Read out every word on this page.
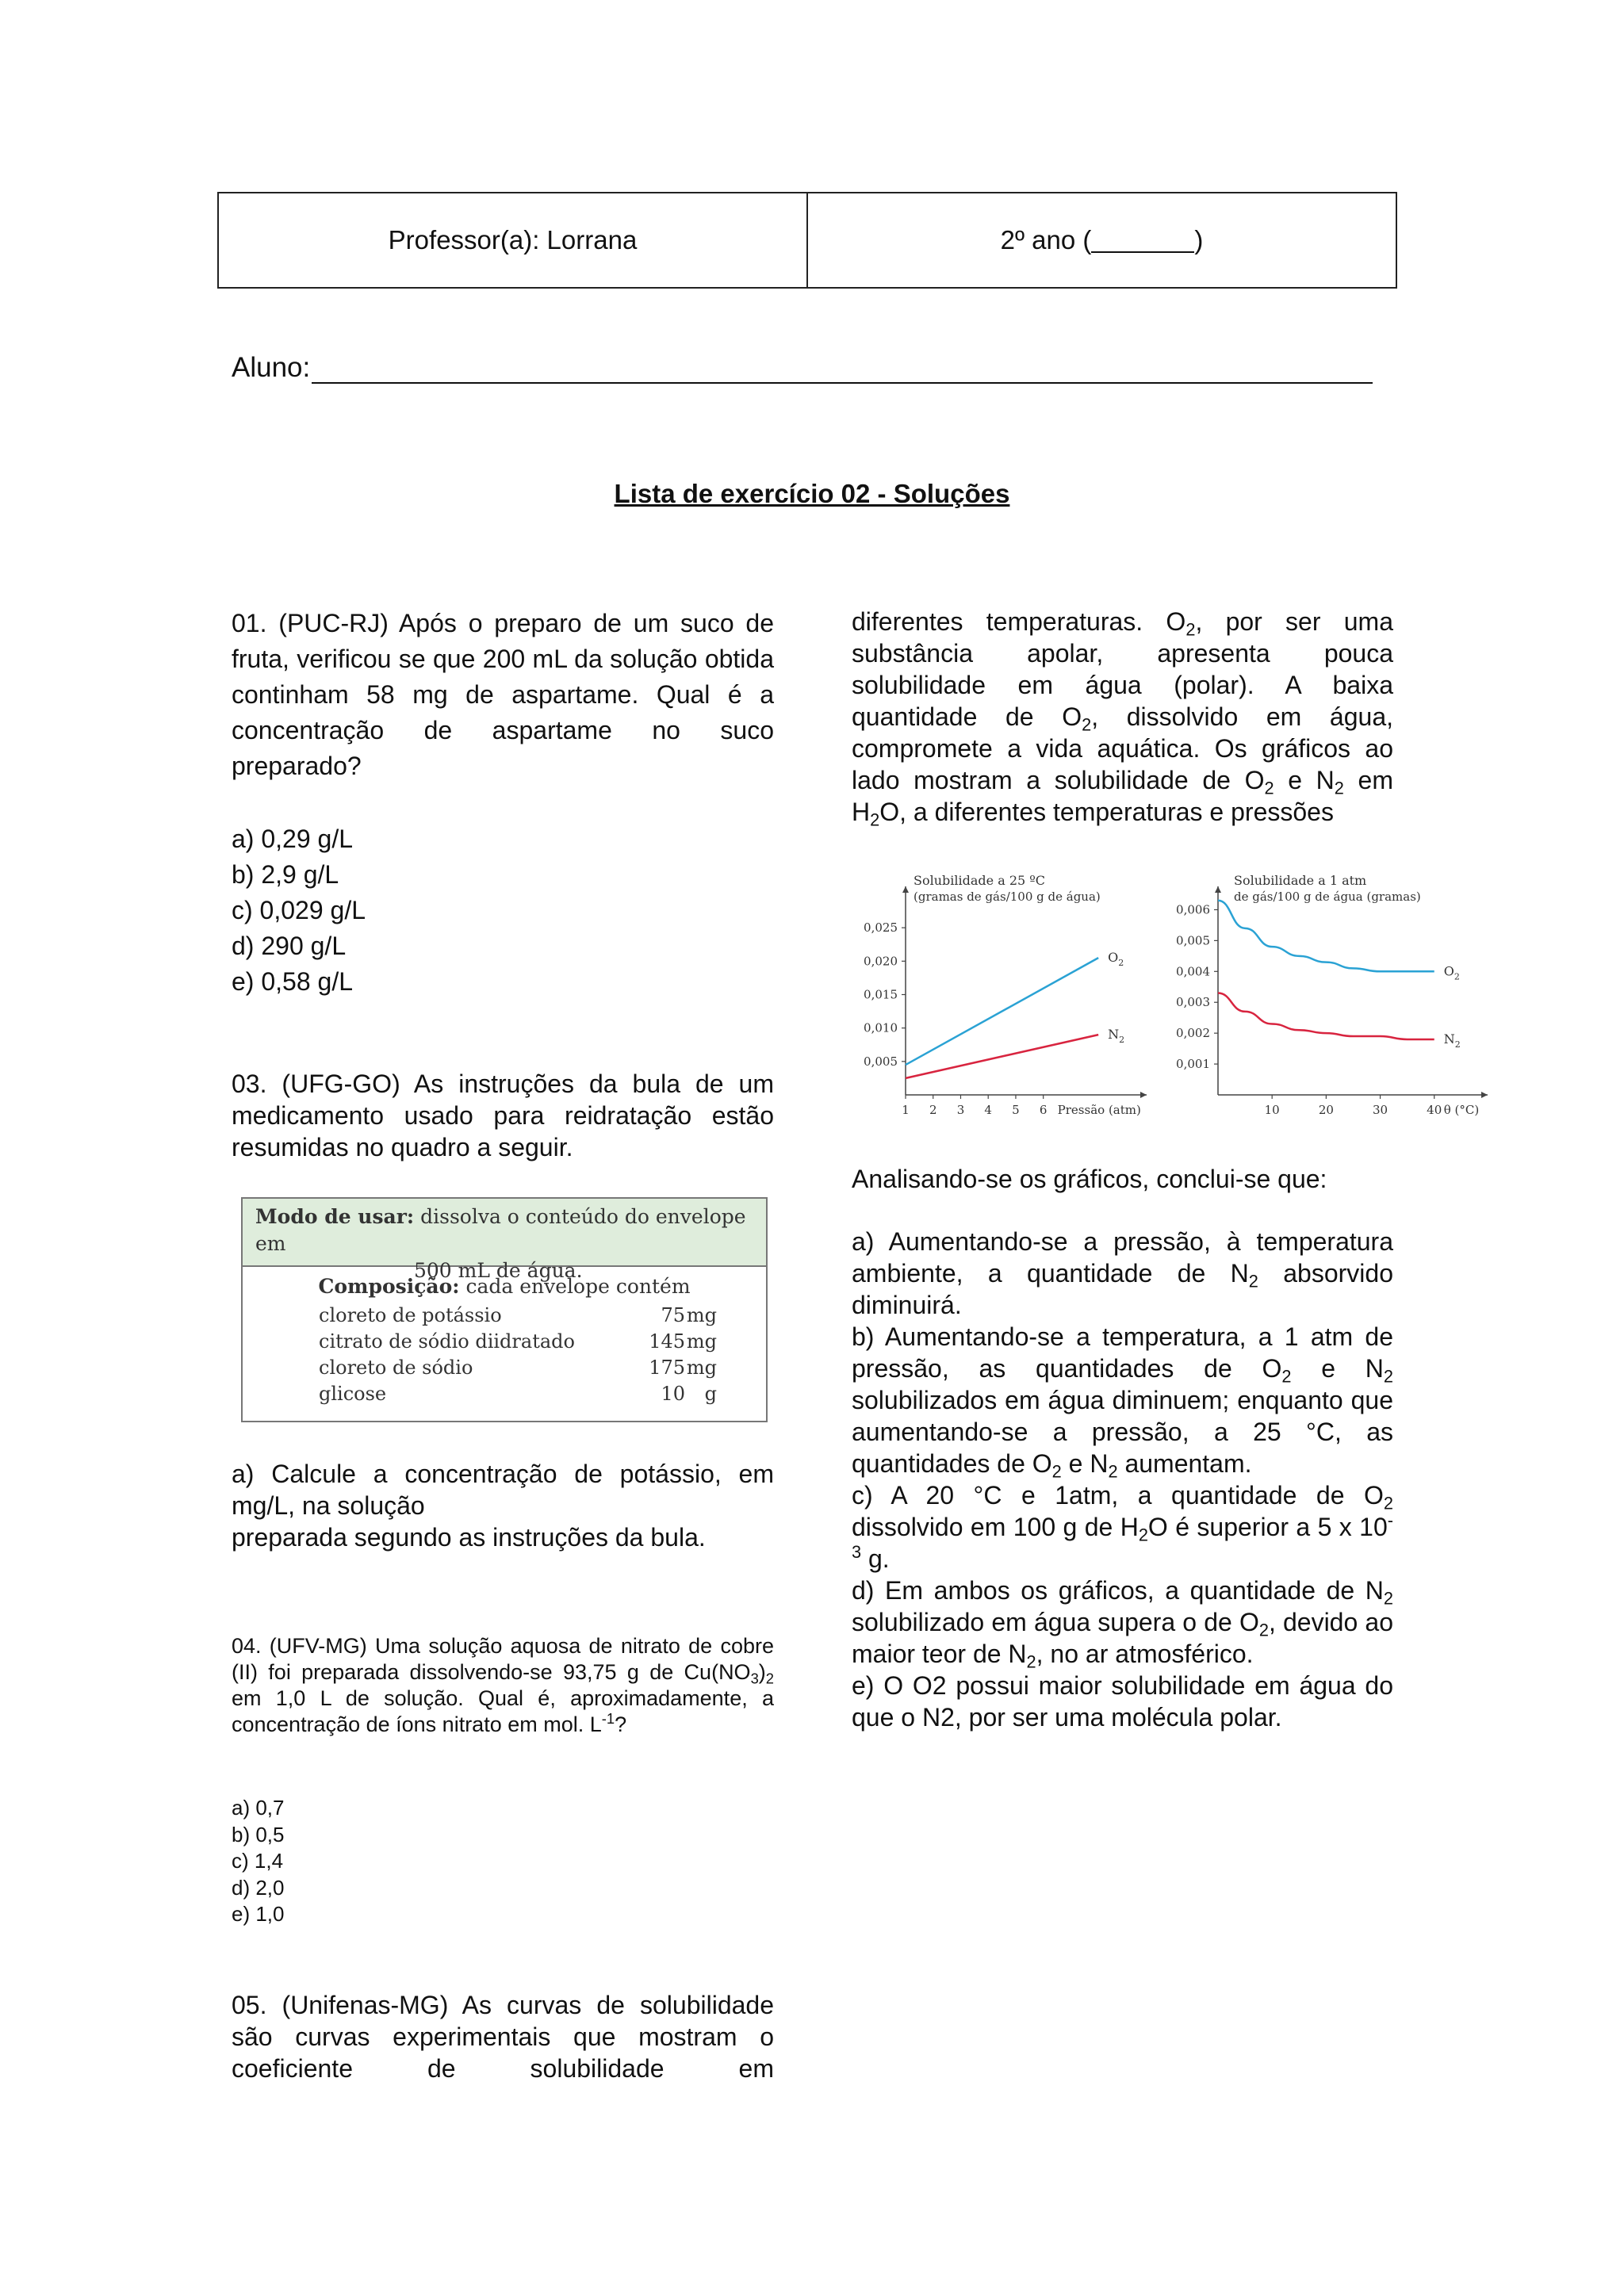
Professor(a): Lorrana	2º ano (	)
Aluno:
Lista de exercício 02 - Soluções
01. (PUC-RJ) Após o preparo de um suco de fruta, verificou se que 200 mL da solução obtida continham 58 mg de aspartame. Qual é a concentração de aspartame no suco preparado?
a) 0,29 g/L
b) 2,9 g/L
c) 0,029 g/L
d) 290 g/L
e) 0,58 g/L
03. (UFG-GO) As instruções da bula de um medicamento usado para reidratação estão resumidas no quadro a seguir.
Modo de usar: dissolva o conteúdo do envelope em
500 mL de água.
Composição: cada envelope contém
cloreto de potássio	75 mg
citrato de sódio diidratado	145 mg
cloreto de sódio	175 mg
glicose	10	g
a) Calcule a concentração de potássio, em mg/L, na solução
preparada segundo as instruções da bula.
04. (UFV-MG) Uma solução aquosa de nitrato de cobre (II) foi preparada dissolvendo-se 93,75 g de $Cu(NO_3)_2$ em 1,0 L de solução. Qual é, aproximadamente, a concentração de íons nitrato em mol. $L^{-1}$?
a) 0,7
b) 0,5
c) 1,4
d) 2,0
e) 1,0
05. (Unifenas-MG) As curvas de solubilidade são curvas experimentais que mostram o coeficiente de solubilidade em
diferentes temperaturas. $O_2$, por ser uma substância apolar, apresenta pouca solubilidade em água (polar). A baixa quantidade de $O_2$, dissolvido em água, compromete a vida aquática. Os gráficos ao lado mostram a solubilidade de $O_2$ e $N_2$ em $H_2O$, a diferentes temperaturas e pressões
Solubilidade a 25 ºC
(gramas de gás/100 g de água)
0,005
0,010
0,015
0,020
0,025
1 2 3 4 5 6 Pressão (atm)
$O_2$
$N_2$
Solubilidade a 1 atm
de gás/100 g de água (gramas)
0,001
0,002
0,003
0,004
0,005
0,006
10	20	30	40 θ (°C)
$O_2$
$N_2$
Analisando-se os gráficos, conclui-se que:
a) Aumentando-se a pressão, à temperatura ambiente, a quantidade de $N_2$ absorvido diminuirá.
b) Aumentando-se a temperatura, a 1 atm de pressão, as quantidades de $O_2$ e $N_2$ solubilizados em água diminuem; enquanto que aumentando-se a pressão, a 25 °C, as quantidades de $O_2$ e $N_2$ aumentam.
c) A 20 °C e 1atm, a quantidade de $O_2$ dissolvido em 100 g de $H_2O$ é superior a 5 x $10^{-3}$ g.
d) Em ambos os gráficos, a quantidade de $N_2$ solubilizado em água supera o de $O_2$, devido ao maior teor de $N_2$, no ar atmosférico.
e) O O2 possui maior solubilidade em água do que o N2, por ser uma molécula polar.
